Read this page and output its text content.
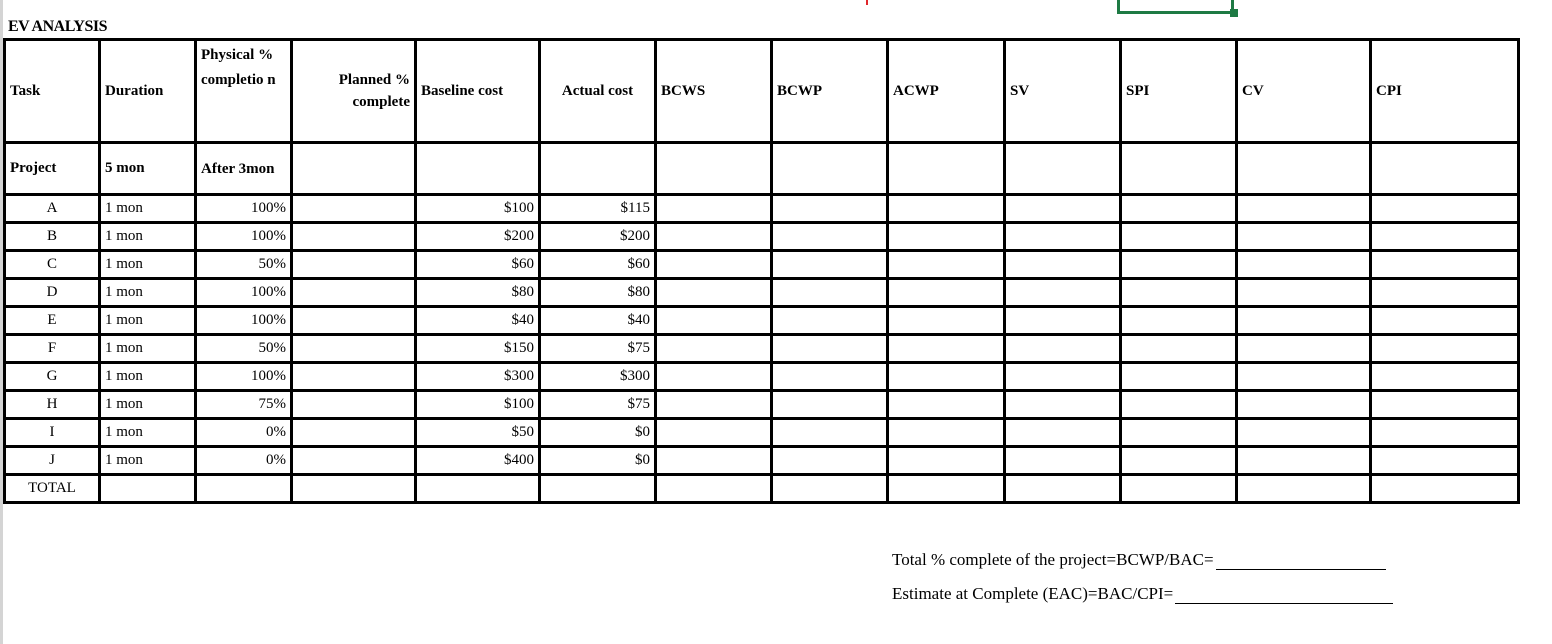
EV ANALYSIS
Task	Duration	Physical % completio n	Planned % complete	Baseline cost	Actual cost	BCWS	BCWP	ACWP	SV	SPI	CV	CPI
Project	5 mon	After 3mon										
A	1 mon	100%		$100	$115							
B	1 mon	100%		$200	$200							
C	1 mon	50%		$60	$60							
D	1 mon	100%		$80	$80							
E	1 mon	100%		$40	$40							
F	1 mon	50%		$150	$75							
G	1 mon	100%		$300	$300							
H	1 mon	75%		$100	$75							
I	1 mon	0%		$50	$0							
J	1 mon	0%		$400	$0							
TOTAL												
Total % complete of the project=BCWP/BAC=
Estimate at Complete (EAC)=BAC/CPI=
